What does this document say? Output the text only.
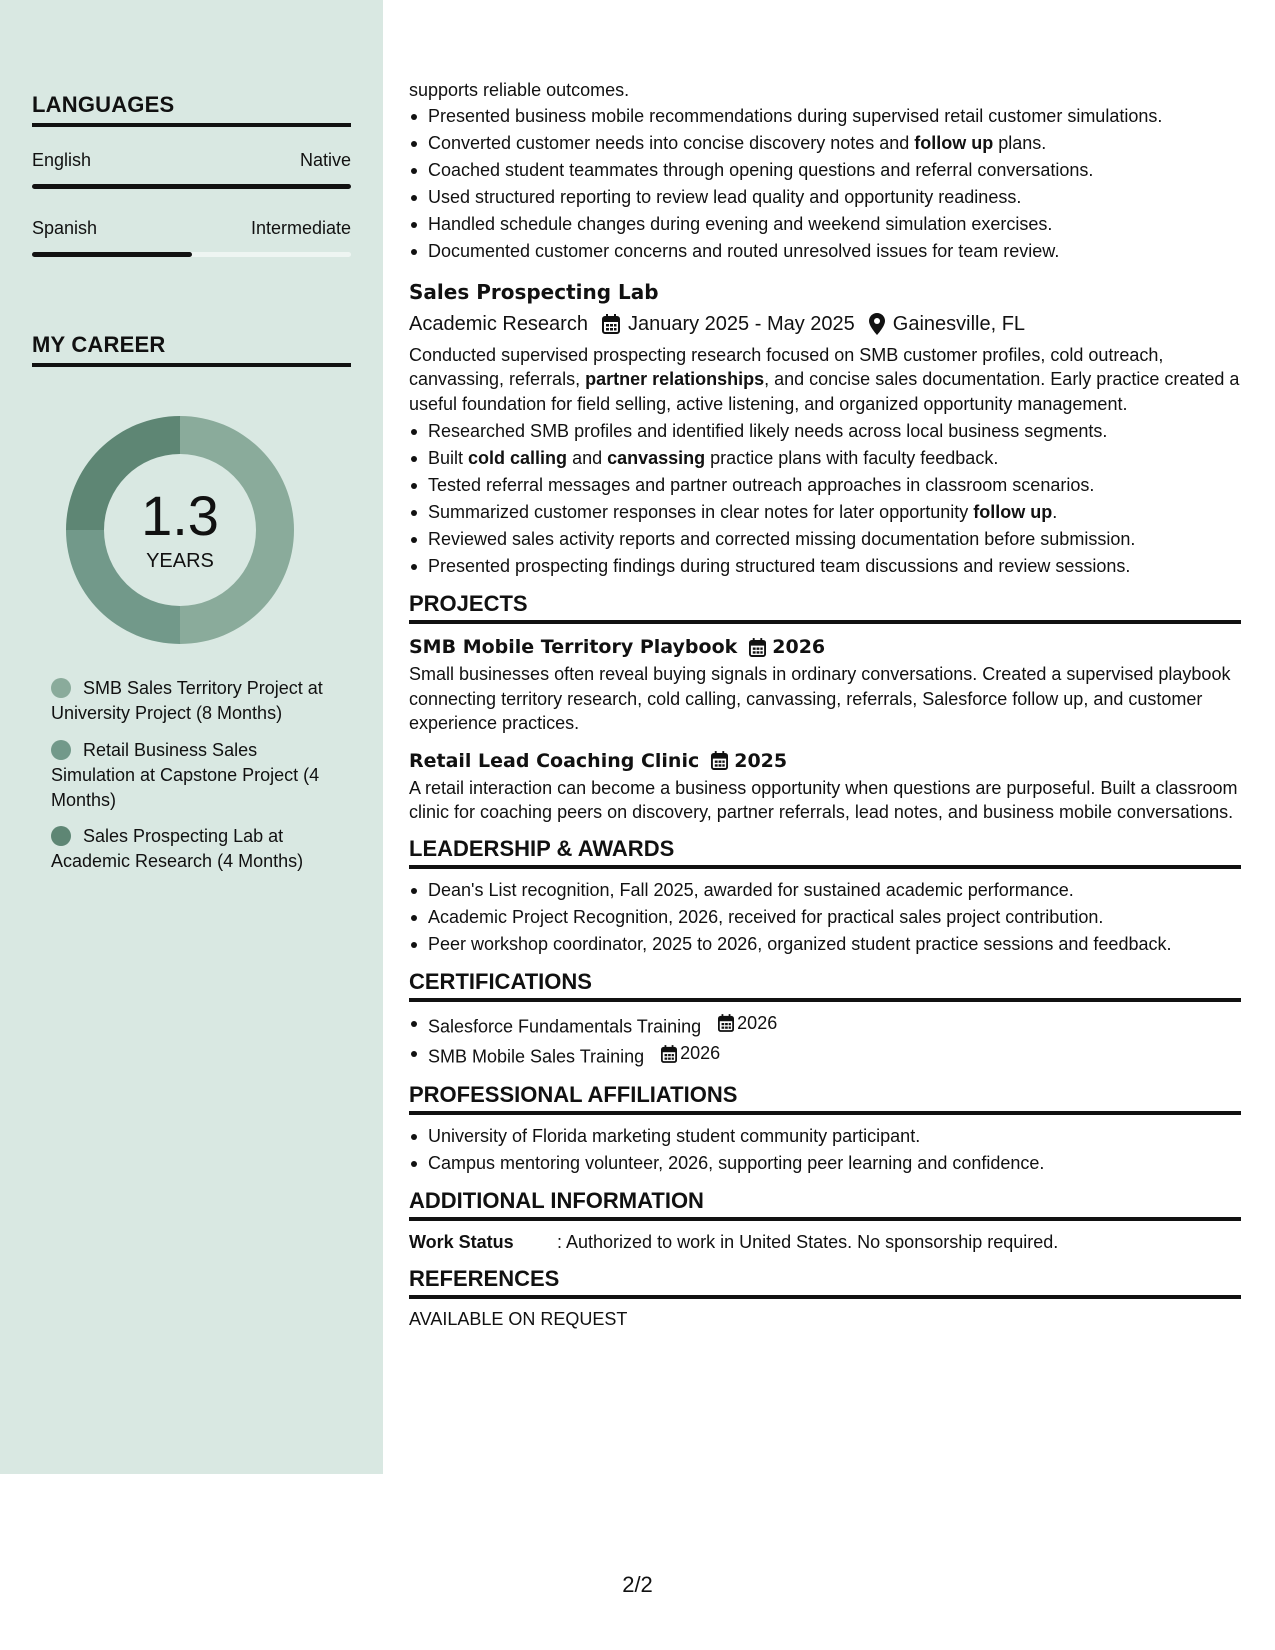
LANGUAGES
English	Native
Spanish	Intermediate
MY CAREER
1.3
YEARS
SMB Sales Territory Project at University Project (8 Months)
Retail Business Sales Simulation at Capstone Project (4 Months)
Sales Prospecting Lab at Academic Research (4 Months)
supports reliable outcomes.
Presented business mobile recommendations during supervised retail customer simulations.
Converted customer needs into concise discovery notes and follow up plans.
Coached student teammates through opening questions and referral conversations.
Used structured reporting to review lead quality and opportunity readiness.
Handled schedule changes during evening and weekend simulation exercises.
Documented customer concerns and routed unresolved issues for team review.
Sales Prospecting Lab
Academic Research January 2025 - May 2025 Gainesville, FL
Conducted supervised prospecting research focused on SMB customer profiles, cold outreach, canvassing, referrals, partner relationships, and concise sales documentation. Early practice created a useful foundation for field selling, active listening, and organized opportunity management.
Researched SMB profiles and identified likely needs across local business segments.
Built cold calling and canvassing practice plans with faculty feedback.
Tested referral messages and partner outreach approaches in classroom scenarios.
Summarized customer responses in clear notes for later opportunity follow up.
Reviewed sales activity reports and corrected missing documentation before submission.
Presented prospecting findings during structured team discussions and review sessions.
PROJECTS
SMB Mobile Territory Playbook 2026
Small businesses often reveal buying signals in ordinary conversations. Created a supervised playbook connecting territory research, cold calling, canvassing, referrals, Salesforce follow up, and customer experience practices.
Retail Lead Coaching Clinic 2025
A retail interaction can become a business opportunity when questions are purposeful. Built a classroom clinic for coaching peers on discovery, partner referrals, lead notes, and business mobile conversations.
LEADERSHIP & AWARDS
Dean's List recognition, Fall 2025, awarded for sustained academic performance.
Academic Project Recognition, 2026, received for practical sales project contribution.
Peer workshop coordinator, 2025 to 2026, organized student practice sessions and feedback.
CERTIFICATIONS
Salesforce Fundamentals Training 2026
SMB Mobile Sales Training 2026
PROFESSIONAL AFFILIATIONS
University of Florida marketing student community participant.
Campus mentoring volunteer, 2026, supporting peer learning and confidence.
ADDITIONAL INFORMATION
Work Status	: Authorized to work in United States. No sponsorship required.
REFERENCES
AVAILABLE ON REQUEST
2/2
